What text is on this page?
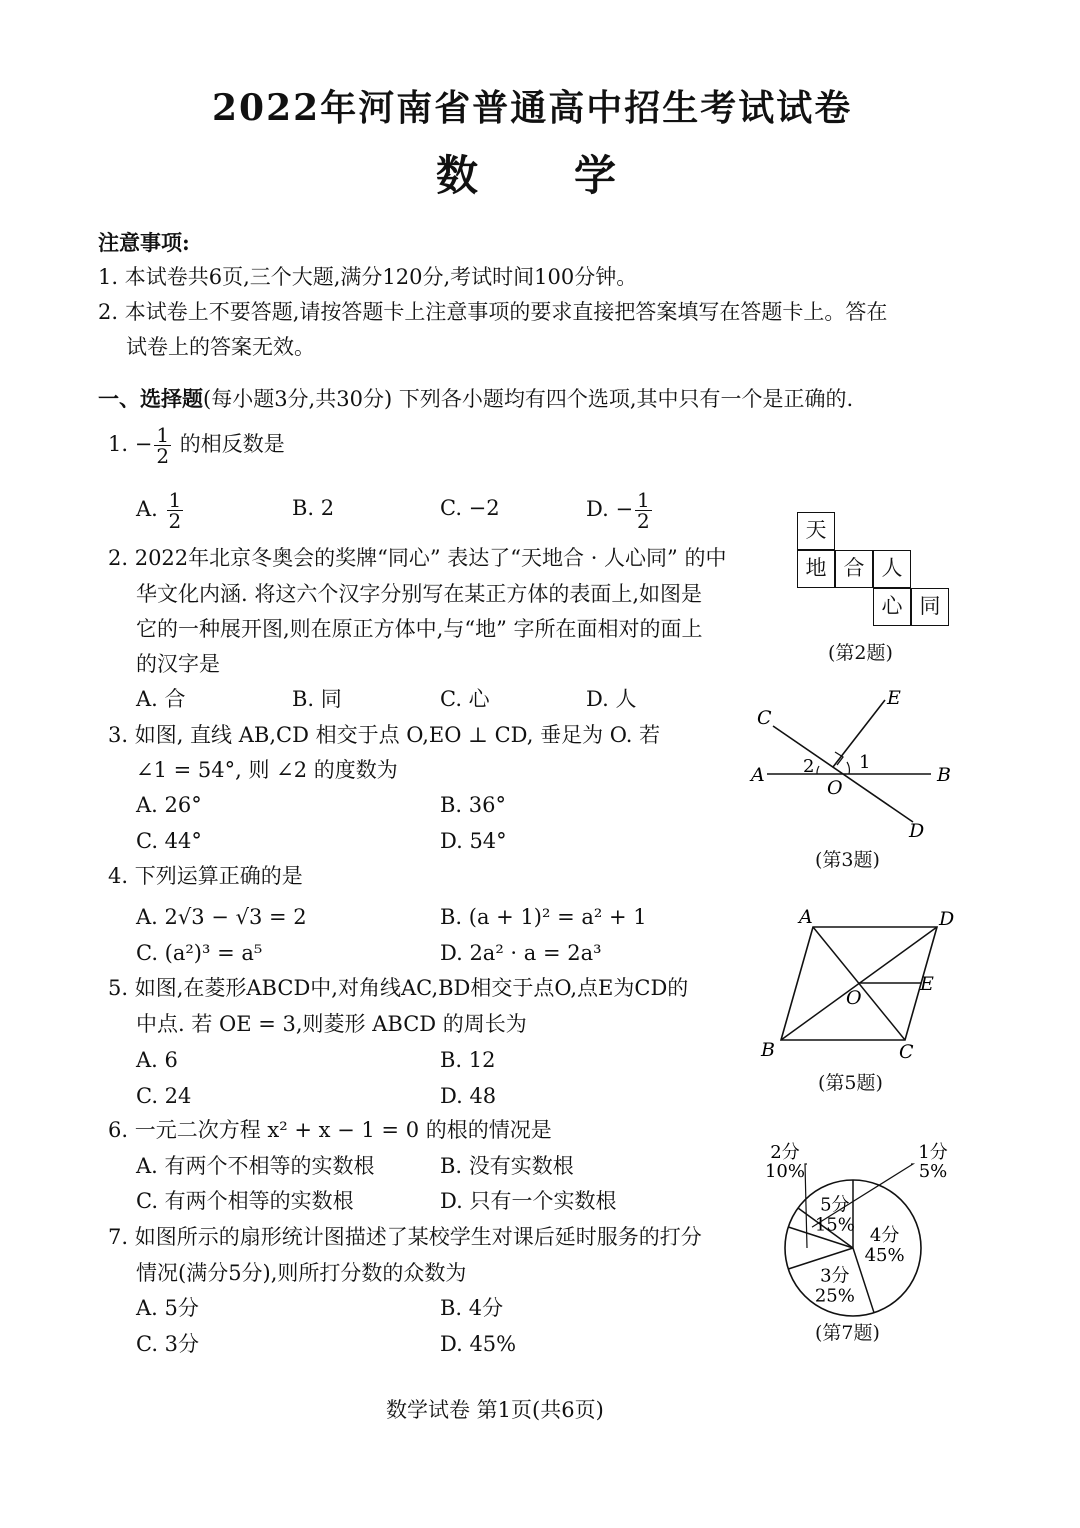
2022年河南省普通高中招生考试试卷
数 学
注意事项:
1. 本试卷共6页,三个大题,满分120分,考试时间100分钟。
2. 本试卷上不要答题,请按答题卡上注意事项的要求直接把答案填写在答题卡上。答在
试卷上的答案无效。
一、选择题(每小题3分,共30分) 下列各小题均有四个选项,其中只有一个是正确的.
1. − $\frac{1}{2}$ 的相反数是
A. $\frac{1}{2}$	B. 2	C. −2	D. − $\frac{1}{2}$
2. 2022年北京冬奥会的奖牌“同心” 表达了“天地合 · 人心同” 的中
华文化内涵. 将这六个汉字分别写在某正方体的表面上,如图是
它的一种展开图,则在原正方体中,与“地” 字所在面相对的面上
的汉字是
A. 合	B. 同	C. 心	D. 人
天
地 合 人
心 同
(第2题)
3. 如图, 直线 AB,CD 相交于点 O,EO ⊥ CD, 垂足为 O. 若
∠1 = 54°, 则 ∠2 的度数为
A. 26°	B. 36°
C. 44°	D. 54°
C
E
A	B
O
D
1
2
(第3题)
4. 下列运算正确的是
A. 2√3 − √3 = 2	B. (a + 1)² = a² + 1
C. (a²)³ = a⁵	D. 2a² · a = 2a³
5. 如图,在菱形ABCD中,对角线AC,BD相交于点O,点E为CD的
中点. 若 OE = 3,则菱形 ABCD 的周长为
A. 6	B. 12
C. 24	D. 48
A	D
E
O
B	C
(第5题)
6. 一元二次方程 x² + x − 1 = 0 的根的情况是
A. 有两个不相等的实数根	B. 没有实数根
C. 有两个相等的实数根	D. 只有一个实数根
7. 如图所示的扇形统计图描述了某校学生对课后延时服务的打分
情况(满分5分),则所打分数的众数为
A. 5分	B. 4分
C. 3分	D. 45%
3分
25%
4分
45%
5分
15%
2分
10%
1分
5%
(第7题)
数学试卷 第1页(共6页)
